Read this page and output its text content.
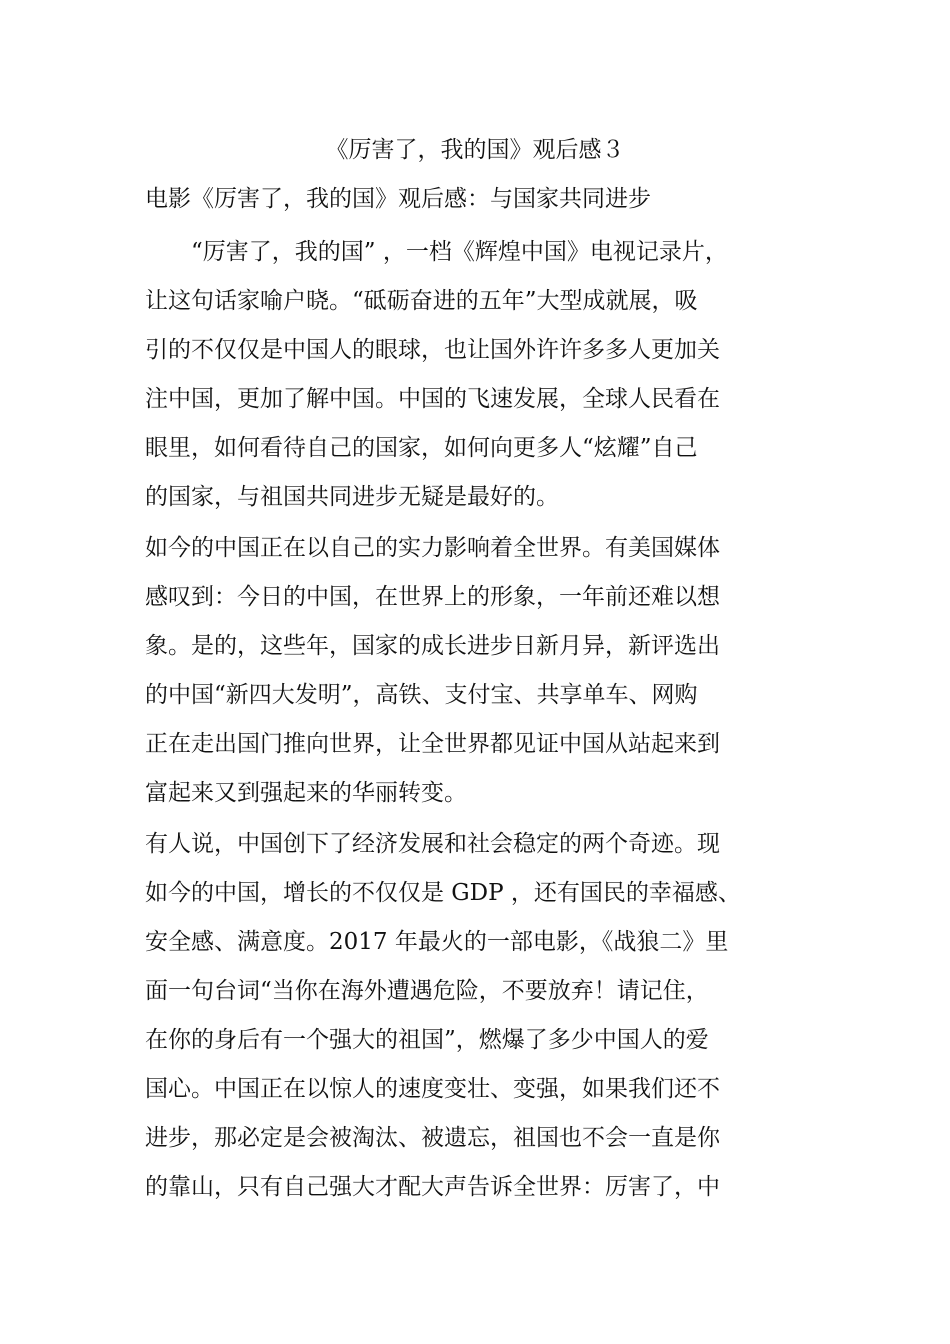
《厉害了，我的国》观后感３
电影《厉害了，我的国》观后感：与国家共同进步
　　“厉害了，我的国” ，一档《辉煌中国》电视记录片，
让这句话家喻户晓。“砥砺奋进的五年”大型成就展，吸
引的不仅仅是中国人的眼球，也让国外许许多多人更加关
注中国，更加了解中国。中国的飞速发展，全球人民看在
眼里，如何看待自己的国家，如何向更多人“炫耀”自己
的国家，与祖国共同进步无疑是最好的。
如今的中国正在以自己的实力影响着全世界。有美国媒体
感叹到：今日的中国，在世界上的形象，一年前还难以想
象。是的，这些年，国家的成长进步日新月异，新评选出
的中国“新四大发明”，高铁、支付宝、共享单车、网购
正在走出国门推向世界，让全世界都见证中国从站起来到
富起来又到强起来的华丽转变。
有人说，中国创下了经济发展和社会稳定的两个奇迹。现
如今的中国，增长的不仅仅是 GDP ，还有国民的幸福感、
安全感、满意度。2017 年最火的一部电影，《战狼二》里
面一句台词“当你在海外遭遇危险，不要放弃！请记住，
在你的身后有一个强大的祖国”，燃爆了多少中国人的爱
国心。中国正在以惊人的速度变壮、变强，如果我们还不
进步，那必定是会被淘汰、被遗忘，祖国也不会一直是你
的靠山，只有自己强大才配大声告诉全世界：厉害了，中
